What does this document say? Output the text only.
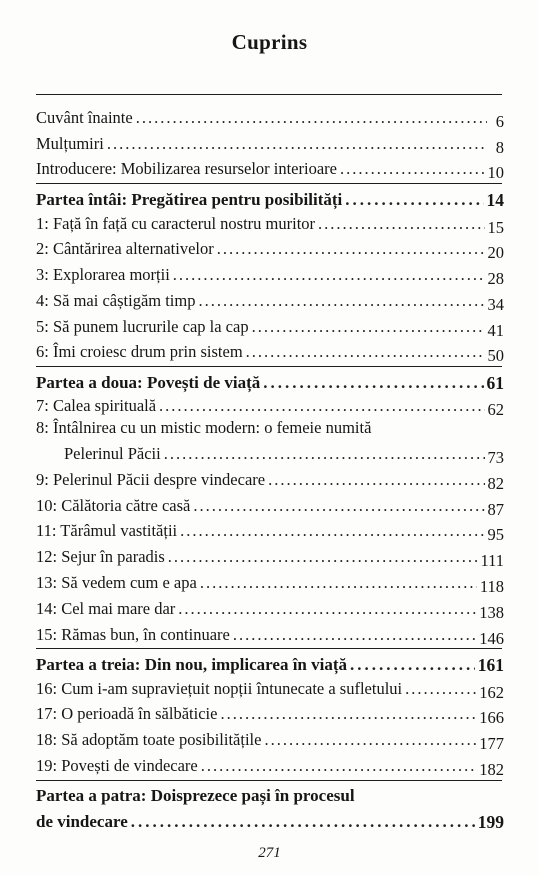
Cuprins
Cuvânt înainte .....	6
Mulțumiri .....	8
Introducere: Mobilizarea resurselor interioare .....	10
Partea întâi: Pregătirea pentru posibilități .....	14
1: Față în față cu caracterul nostru muritor .....	15
2: Cântărirea alternativelor .....	20
3: Explorarea morții .....	28
4: Să mai câștigăm timp .....	34
5: Să punem lucrurile cap la cap .....	41
6: Îmi croiesc drum prin sistem .....	50
Partea a doua: Povești de viață .....	61
7: Calea spirituală .....	62
8: Întâlnirea cu un mistic modern: o femeie numită
Pelerinul Păcii .....	73
9: Pelerinul Păcii despre vindecare .....	82
10: Călătoria către casă .....	87
11: Tărâmul vastității .....	95
12: Sejur în paradis .....	111
13: Să vedem cum e apa .....	118
14: Cel mai mare dar .....	138
15: Rămas bun, în continuare .....	146
Partea a treia: Din nou, implicarea în viață .....	161
16: Cum i-am supraviețuit nopții întunecate a sufletului .....	162
17: O perioadă în sălbăticie .....	166
18: Să adoptăm toate posibilitățile .....	177
19: Povești de vindecare .....	182
Partea a patra: Doisprezece pași în procesul
de vindecare .....	199
271
